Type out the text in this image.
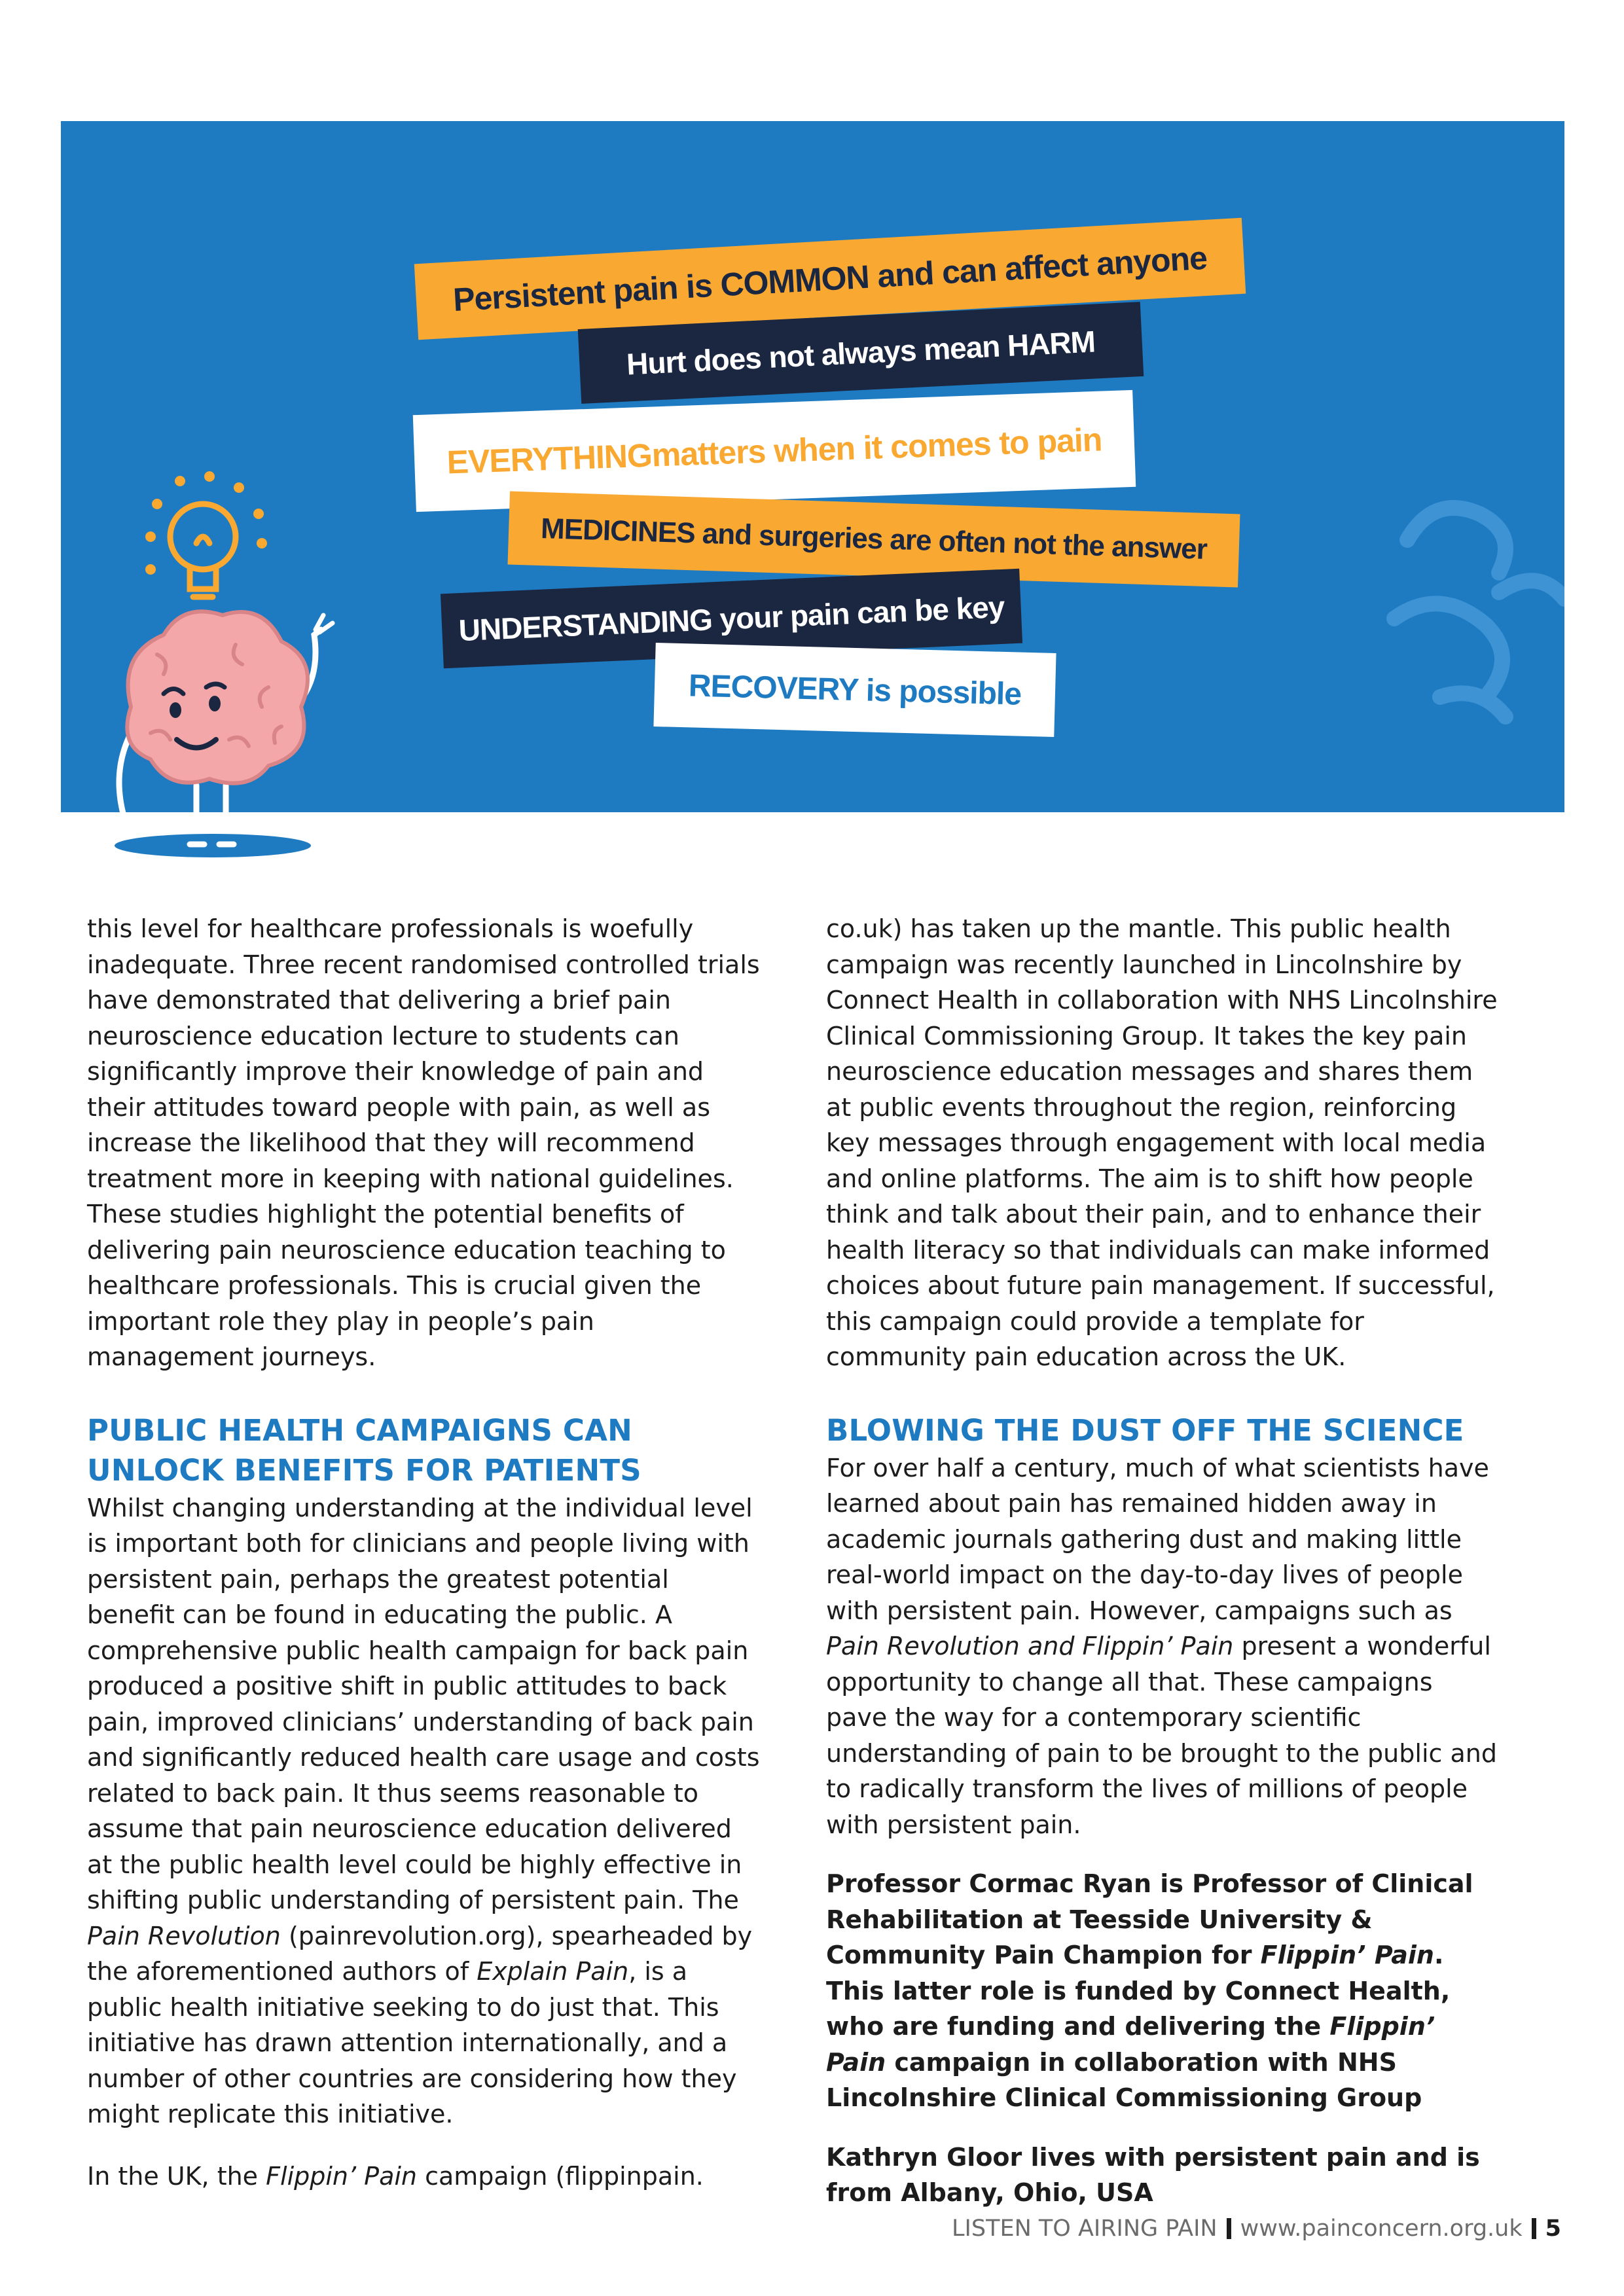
Persistent pain is COMMON and can affect anyone
Hurt does not always mean HARM
EVERYTHING
matters when it comes to pain
MEDICINES and surgeries are often not the answer
UNDERSTANDING your pain can be key
RECOVERY is possible

this level for healthcare professionals is woefully inadequate. Three recent randomised controlled trials have demonstrated that delivering a brief pain neuroscience education lecture to students can significantly improve their knowledge of pain and their attitudes toward people with pain, as well as increase the likelihood that they will recommend treatment more in keeping with national guidelines. These studies highlight the potential benefits of delivering pain neuroscience education teaching to healthcare professionals. This is crucial given the important role they play in people’s pain management journeys.

PUBLIC HEALTH CAMPAIGNS CAN UNLOCK BENEFITS FOR PATIENTS

Whilst changing understanding at the individual level is important both for clinicians and people living with persistent pain, perhaps the greatest potential benefit can be found in educating the public. A comprehensive public health campaign for back pain produced a positive shift in public attitudes to back pain, improved clinicians’ understanding of back pain and significantly reduced health care usage and costs related to back pain. It thus seems reasonable to assume that pain neuroscience education delivered at the public health level could be highly effective in shifting public understanding of persistent pain. The Pain Revolution (painrevolution.org), spearheaded by the aforementioned authors of Explain Pain, is a public health initiative seeking to do just that. This initiative has drawn attention internationally, and a number of other countries are considering how they might replicate this initiative.

In the UK, the Flippin’ Pain campaign (flippinpain.

co.uk) has taken up the mantle. This public health campaign was recently launched in Lincolnshire by Connect Health in collaboration with NHS Lincolnshire Clinical Commissioning Group. It takes the key pain neuroscience education messages and shares them at public events throughout the region, reinforcing key messages through engagement with local media and online platforms. The aim is to shift how people think and talk about their pain, and to enhance their health literacy so that individuals can make informed choices about future pain management. If successful, this campaign could provide a template for community pain education across the UK.

BLOWING THE DUST OFF THE SCIENCE

For over half a century, much of what scientists have learned about pain has remained hidden away in academic journals gathering dust and making little real-world impact on the day-to-day lives of people with persistent pain. However, campaigns such as Pain Revolution and Flippin’ Pain present a wonderful opportunity to change all that. These campaigns pave the way for a contemporary scientific understanding of pain to be brought to the public and to radically transform the lives of millions of people with persistent pain.

Professor Cormac Ryan is Professor of Clinical Rehabilitation at Teesside University & Community Pain Champion for Flippin’ Pain. This latter role is funded by Connect Health, who are funding and delivering the Flippin’ Pain campaign in collaboration with NHS Lincolnshire Clinical Commissioning Group

Kathryn Gloor lives with persistent pain and is from Albany, Ohio, USA

LISTEN TO AIRING PAIN www.painconcern.org.uk 5
